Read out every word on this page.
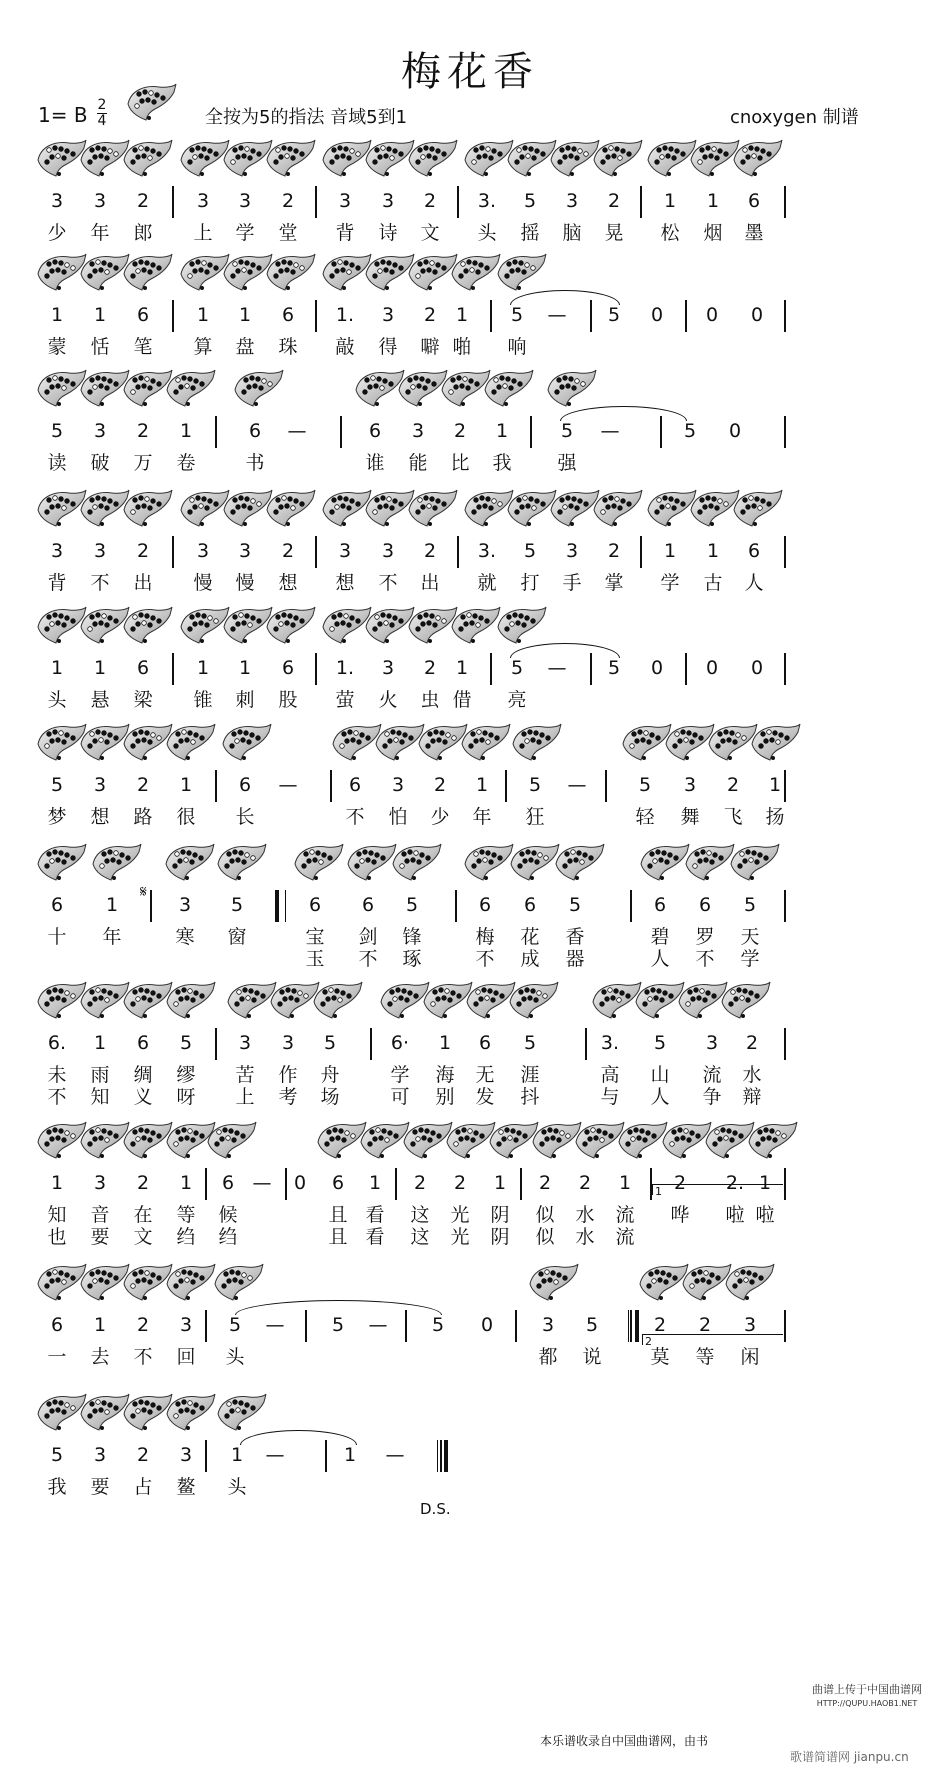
梅花香
1= B 2
4	全按为5的指法 音域5到1	cnoxygen 制谱
3	3	2	3	3	2	3	3	2	3.	5	3	2	1	1	6
少 年 郎 上 学 堂 背 诗 文 头 摇 脑 晃 松 烟 墨
1	1	6	1	1	6	1.	3	2	1	5	—	5	0	0	0
蒙 恬 笔 算 盘 珠 敲 得 噼 啪 响
5	3	2	1	6	—	6	3	2	1	5	—	5	0
读 破 万 卷	书	谁 能 比 我 强
3	3	2	3	3	2	3	3	2	3.	5	3	2	1	1	6
背 不 出 慢 慢 想 想 不 出 就 打 手 掌 学 古 人
1	1	6	1	1	6	1.	3	2	1	5	—	5	0	0	0
头 悬 梁 锥 刺 股 萤 火 虫 借 亮
5	3	2	1	6	—	6	3	2	1	5	—	5	3	2	1
梦 想 路 很 长	不 怕 少 年 狂	轻 舞 飞 扬
6	1	3	5	6	6	5	6	6	5	6	6	5
十 年	寒 窗	宝 剑 锋	梅 花 香	碧 罗 天
玉 不 琢	不 成 器	人 不 学
6.	1	6	5	3	3	5	6·	1	6	5	3.	5	3	2
未 雨 绸 缪 苦 作 舟	学 海 无 涯	高 山 流 水
不 知 义 呀 上 考 场	可 别 发 抖	与 人 争 辩
1	3	2	1	6 —	0	6	1	2	2	1	2	2	1	2	2. 1
知 音 在 等 候	且 看 这 光 阴 似 水 流 哗 啦 啦
也 要 文 绉 绉	且 看 这 光 阴 似 水 流
6	1	2	3	5	—	5	—	5	0	3	5	2	2	3
一 去 不 回 头	都 说	莫 等 闲
5	3	2	3	1	—	1	—
我 要 占 鳌 头
本乐谱收录自中国曲谱网，由书
曲谱上传于中国曲谱网
HTTP://QUPU.HAOB1.NET
歌谱简谱网 jianpu.cn
𝄋
D.S.
1
2
